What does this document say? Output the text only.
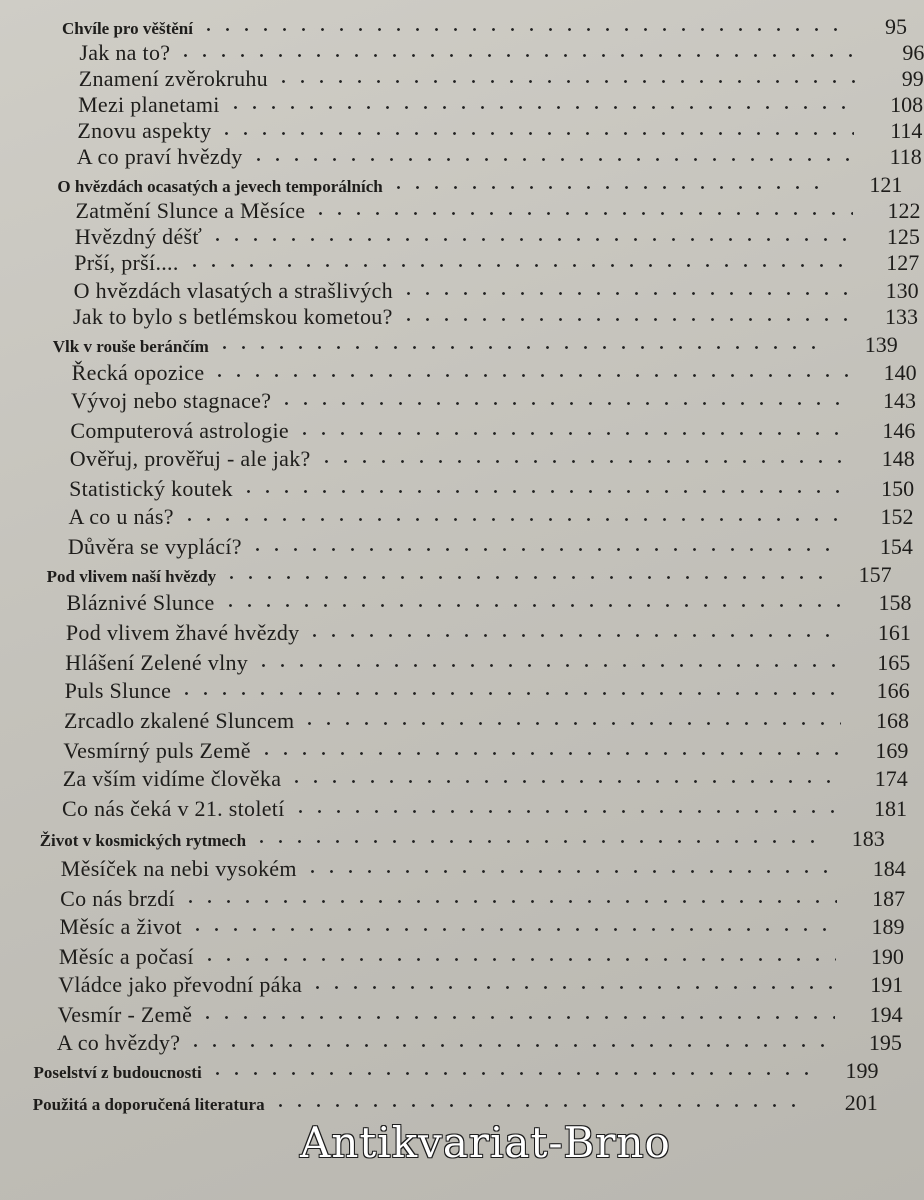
Chvíle pro věštění	95
Jak na to?	96
Znamení zvěrokruhu	99
Mezi planetami	108
Znovu aspekty	114
A co praví hvězdy	118
O hvězdách ocasatých a jevech temporálních	121
Zatmění Slunce a Měsíce	122
Hvězdný déšť	125
Prší, prší....	127
O hvězdách vlasatých a strašlivých	130
Jak to bylo s betlémskou kometou?	133
Vlk v rouše beránčím	139
Řecká opozice	140
Vývoj nebo stagnace?	143
Computerová astrologie	146
Ověřuj, prověřuj - ale jak?	148
Statistický koutek	150
A co u nás?	152
Důvěra se vyplácí?	154
Pod vlivem naší hvězdy	157
Bláznivé Slunce	158
Pod vlivem žhavé hvězdy	161
Hlášení Zelené vlny	165
Puls Slunce	166
Zrcadlo zkalené Sluncem	168
Vesmírný puls Země	169
Za vším vidíme člověka	174
Co nás čeká v 21. století	181
Život v kosmických rytmech	183
Měsíček na nebi vysokém	184
Co nás brzdí	187
Měsíc a život	189
Měsíc a počasí	190
Vládce jako převodní páka	191
Vesmír - Země	194
A co hvězdy?	195
Poselství z budoucnosti	199
Použitá a doporučená literatura	201
Antikvariat-Brno
